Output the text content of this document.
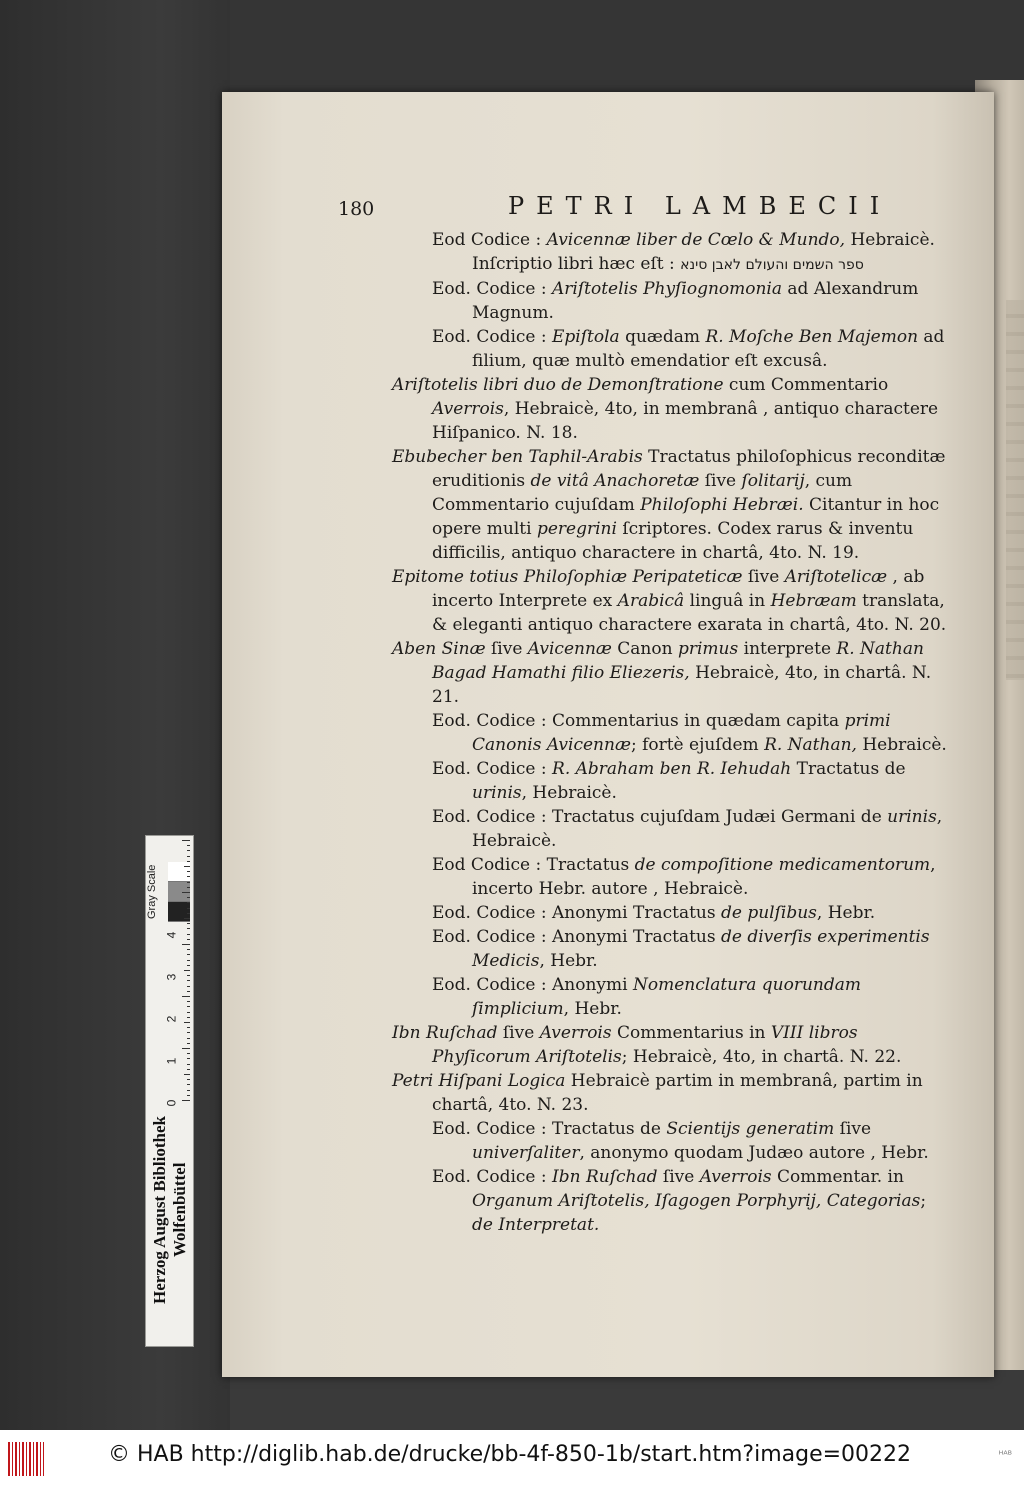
180	PETRI LAMBECII

Eod Codice : Avicennæ liber de Cœlo & Mundo, Hebraicè. Inſcriptio libri hæc eſt : ספר השמים והעולם לאבן סינא

Eod. Codice : Ariſtotelis Phyſiognomonia ad Alexandrum Magnum.

Eod. Codice : Epiſtola quædam R. Moſche Ben Majemon ad filium, quæ multò emendatior eſt excusâ.

Ariſtotelis libri duo de Demonſtratione cum Commentario Averrois, Hebraicè, 4to, in membranâ , antiquo charactere Hiſpanico. N. 18.

Ebubecher ben Taphil-Arabis Tractatus philoſophicus reconditæ eruditionis de vitâ Anachoretæ ſive ſolitarij, cum Commentario cujuſdam Philoſophi Hebræi. Citantur in hoc opere multi peregrini ſcriptores. Codex rarus & inventu difficilis, antiquo charactere in chartâ, 4to. N. 19.

Epitome totius Philoſophiæ Peripateticæ ſive Ariſtotelicæ , ab incerto Interprete ex Arabicâ linguâ in Hebræam translata, & eleganti antiquo charactere exarata in chartâ, 4to. N. 20.

Aben Sinæ ſive Avicennæ Canon primus interprete R. Nathan Bagad Hamathi filio Eliezeris, Hebraicè, 4to, in chartâ. N. 21.

Eod. Codice : Commentarius in quædam capita primi Canonis Avicennæ; fortè ejuſdem R. Nathan, Hebraicè.

Eod. Codice : R. Abraham ben R. Iehudah Tractatus de urinis, Hebraicè.

Eod. Codice : Tractatus cujuſdam Judæi Germani de urinis, Hebraicè.

Eod Codice : Tractatus de compoſitione medicamentorum, incerto Hebr. autore , Hebraicè.

Eod. Codice : Anonymi Tractatus de pulſibus, Hebr.

Eod. Codice : Anonymi Tractatus de diverſis experimentis Medicis, Hebr.

Eod. Codice : Anonymi Nomenclatura quorundam ſimplicium, Hebr.

Ibn Ruſchad ſive Averrois Commentarius in VIII libros Phyſicorum Ariſtotelis; Hebraicè, 4to, in chartâ. N. 22.

Petri Hiſpani Logica Hebraicè partim in membranâ, partim in chartâ, 4to. N. 23.

Eod. Codice : Tractatus de Scientijs generatim ſive univerſaliter, anonymo quodam Judæo autore , Hebr.

Eod. Codice : Ibn Ruſchad ſive Averrois Commentar. in Organum Ariſtotelis, Iſagogen Porphyrij, Categorias; de Interpretat.

Gray Scale
4
3
2
1
0
Herzog August Bibliothek Wolfenbüttel
© HAB http://diglib.hab.de/drucke/bb-4f-850-1b/start.htm?image=00222	ᴴᴬᴮ
